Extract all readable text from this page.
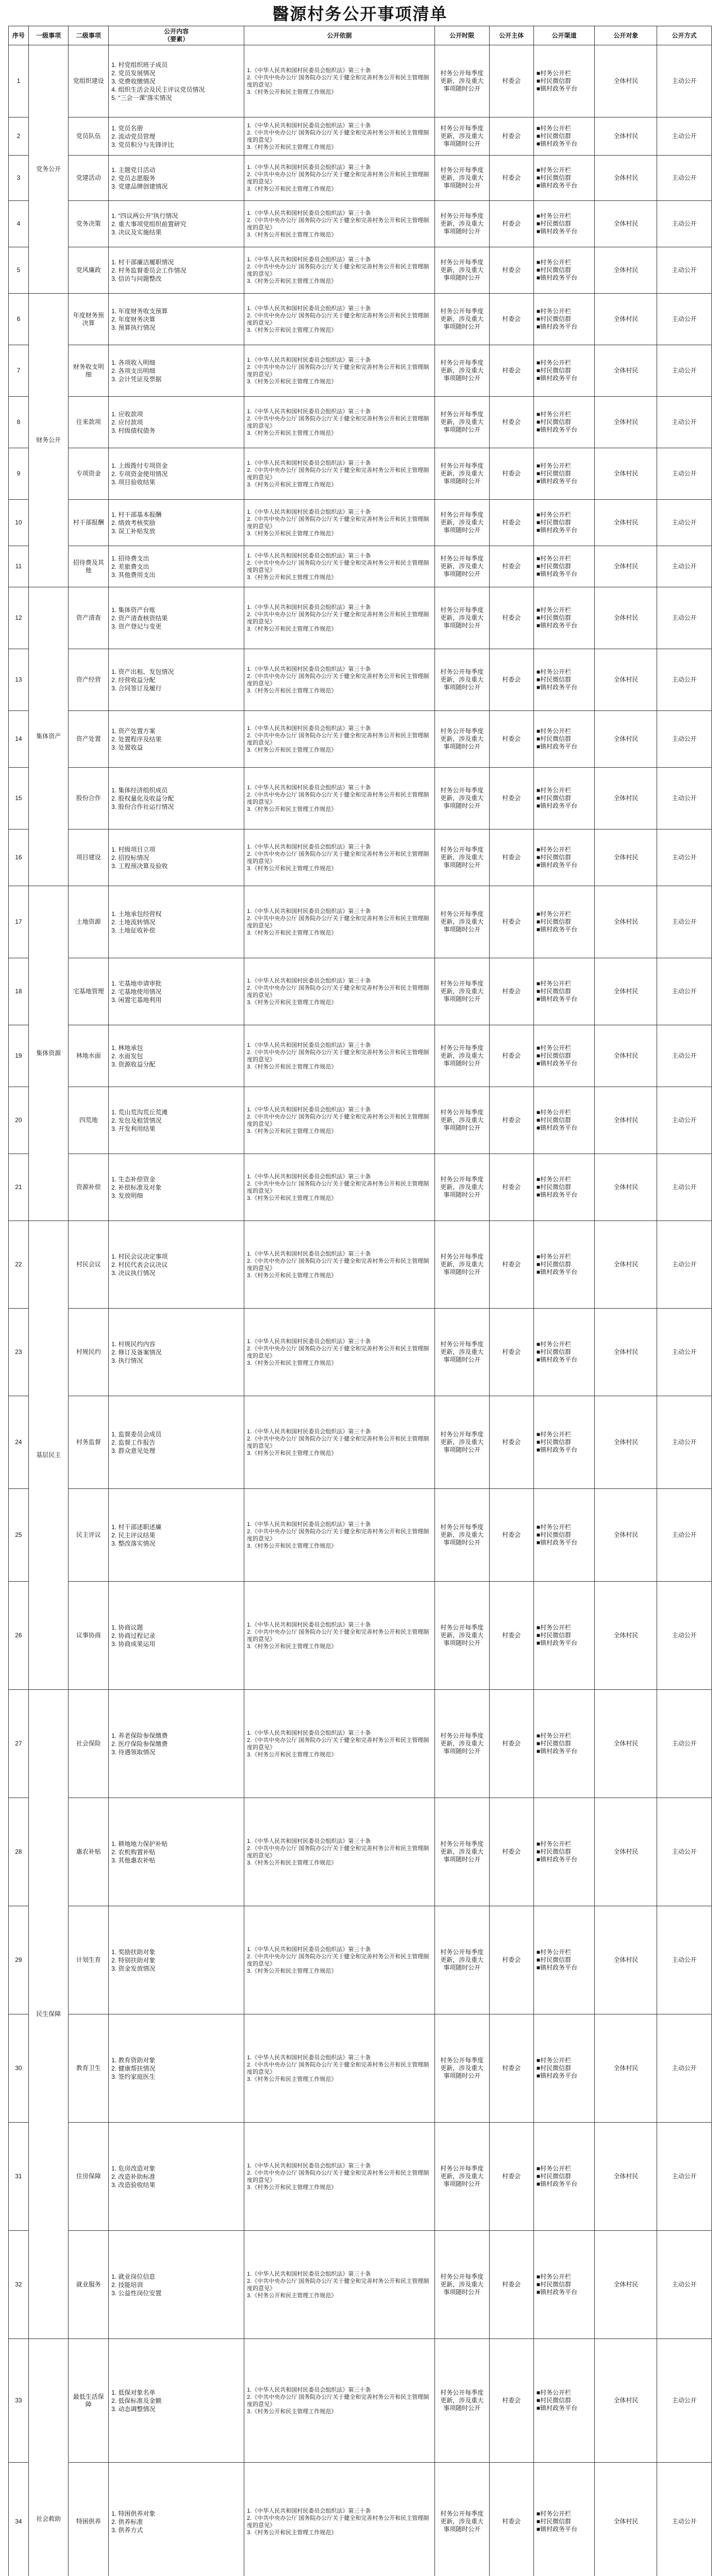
醫源村务公开事项清单
序号	一级事项	二级事项	公开内容
（要素）	公开依据	公开时限	公开主体	公开渠道	公开对象	公开方式
1	党务公开	党组织建设	1. 村党组织班子成员
2. 党员发展情况
3. 党费收缴情况
4. 组织生活会及民主评议党员情况
5. “三会一课”落实情况	1.《中华人民共和国村民委员会组织法》第三十条
2.《中共中央办公厅 国务院办公厅关于健全和完善村务公开和民主管理制度的意见》
3.《村务公开和民主管理工作规范》	村务公开每季度更新，涉及重大事项随时公开	村委会	■村务公开栏
■村民微信群
■镇村政务平台	全体村民	主动公开
2		党员队伍	1. 党员名册
2. 流动党员管理
3. 党员积分与先锋评比	1.《中华人民共和国村民委员会组织法》第三十条
2.《中共中央办公厅 国务院办公厅关于健全和完善村务公开和民主管理制度的意见》
3.《村务公开和民主管理工作规范》	村务公开每季度更新，涉及重大事项随时公开	村委会	■村务公开栏
■村民微信群
■镇村政务平台	全体村民	主动公开
3		党建活动	1. 主题党日活动
2. 党员志愿服务
3. 党建品牌创建情况	1.《中华人民共和国村民委员会组织法》第三十条
2.《中共中央办公厅 国务院办公厅关于健全和完善村务公开和民主管理制度的意见》
3.《村务公开和民主管理工作规范》	村务公开每季度更新，涉及重大事项随时公开	村委会	■村务公开栏
■村民微信群
■镇村政务平台	全体村民	主动公开
4		党务决策	1. “四议两公开”执行情况
2. 重大事项党组织前置研究
3. 决议及实施结果	1.《中华人民共和国村民委员会组织法》第三十条
2.《中共中央办公厅 国务院办公厅关于健全和完善村务公开和民主管理制度的意见》
3.《村务公开和民主管理工作规范》	村务公开每季度更新，涉及重大事项随时公开	村委会	■村务公开栏
■村民微信群
■镇村政务平台	全体村民	主动公开
5		党风廉政	1. 村干部廉洁履职情况
2. 村务监督委员会工作情况
3. 信访与问题整改	1.《中华人民共和国村民委员会组织法》第三十条
2.《中共中央办公厅 国务院办公厅关于健全和完善村务公开和民主管理制度的意见》
3.《村务公开和民主管理工作规范》	村务公开每季度更新，涉及重大事项随时公开	村委会	■村务公开栏
■村民微信群
■镇村政务平台	全体村民	主动公开
6	财务公开	年度财务预决算	1. 年度财务收支预算
2. 年度财务决算
3. 预算执行情况	1.《中华人民共和国村民委员会组织法》第三十条
2.《中共中央办公厅 国务院办公厅关于健全和完善村务公开和民主管理制度的意见》
3.《村务公开和民主管理工作规范》	村务公开每季度更新，涉及重大事项随时公开	村委会	■村务公开栏
■村民微信群
■镇村政务平台	全体村民	主动公开
7		财务收支明细	1. 各项收入明细
2. 各项支出明细
3. 会计凭证及票据	1.《中华人民共和国村民委员会组织法》第三十条
2.《中共中央办公厅 国务院办公厅关于健全和完善村务公开和民主管理制度的意见》
3.《村务公开和民主管理工作规范》	村务公开每季度更新，涉及重大事项随时公开	村委会	■村务公开栏
■村民微信群
■镇村政务平台	全体村民	主动公开
8		往来款项	1. 应收款项
2. 应付款项
3. 村级债权债务	1.《中华人民共和国村民委员会组织法》第三十条
2.《中共中央办公厅 国务院办公厅关于健全和完善村务公开和民主管理制度的意见》
3.《村务公开和民主管理工作规范》	村务公开每季度更新，涉及重大事项随时公开	村委会	■村务公开栏
■村民微信群
■镇村政务平台	全体村民	主动公开
9		专项资金	1. 上级拨付专项资金
2. 专项资金使用情况
3. 项目验收结果	1.《中华人民共和国村民委员会组织法》第三十条
2.《中共中央办公厅 国务院办公厅关于健全和完善村务公开和民主管理制度的意见》
3.《村务公开和民主管理工作规范》	村务公开每季度更新，涉及重大事项随时公开	村委会	■村务公开栏
■村民微信群
■镇村政务平台	全体村民	主动公开
10		村干部报酬	1. 村干部基本报酬
2. 绩效考核奖励
3. 误工补贴发放	1.《中华人民共和国村民委员会组织法》第三十条
2.《中共中央办公厅 国务院办公厅关于健全和完善村务公开和民主管理制度的意见》
3.《村务公开和民主管理工作规范》	村务公开每季度更新，涉及重大事项随时公开	村委会	■村务公开栏
■村民微信群
■镇村政务平台	全体村民	主动公开
11		招待费及其他	1. 招待费支出
2. 差旅费支出
3. 其他费用支出	1.《中华人民共和国村民委员会组织法》第三十条
2.《中共中央办公厅 国务院办公厅关于健全和完善村务公开和民主管理制度的意见》
3.《村务公开和民主管理工作规范》	村务公开每季度更新，涉及重大事项随时公开	村委会	■村务公开栏
■村民微信群
■镇村政务平台	全体村民	主动公开
12	集体资产	资产清查	1. 集体资产台账
2. 资产清查核资结果
3. 资产登记与变更	1.《中华人民共和国村民委员会组织法》第三十条
2.《中共中央办公厅 国务院办公厅关于健全和完善村务公开和民主管理制度的意见》
3.《村务公开和民主管理工作规范》	村务公开每季度更新，涉及重大事项随时公开	村委会	■村务公开栏
■村民微信群
■镇村政务平台	全体村民	主动公开
13		资产经营	1. 资产出租、发包情况
2. 经营收益分配
3. 合同签订及履行	1.《中华人民共和国村民委员会组织法》第三十条
2.《中共中央办公厅 国务院办公厅关于健全和完善村务公开和民主管理制度的意见》
3.《村务公开和民主管理工作规范》	村务公开每季度更新，涉及重大事项随时公开	村委会	■村务公开栏
■村民微信群
■镇村政务平台	全体村民	主动公开
14		资产处置	1. 资产处置方案
2. 处置程序及结果
3. 处置收益	1.《中华人民共和国村民委员会组织法》第三十条
2.《中共中央办公厅 国务院办公厅关于健全和完善村务公开和民主管理制度的意见》
3.《村务公开和民主管理工作规范》	村务公开每季度更新，涉及重大事项随时公开	村委会	■村务公开栏
■村民微信群
■镇村政务平台	全体村民	主动公开
15		股份合作	1. 集体经济组织成员
2. 股权量化及收益分配
3. 股份合作社运行情况	1.《中华人民共和国村民委员会组织法》第三十条
2.《中共中央办公厅 国务院办公厅关于健全和完善村务公开和民主管理制度的意见》
3.《村务公开和民主管理工作规范》	村务公开每季度更新，涉及重大事项随时公开	村委会	■村务公开栏
■村民微信群
■镇村政务平台	全体村民	主动公开
16		项目建设	1. 村级项目立项
2. 招投标情况
3. 工程预决算及验收	1.《中华人民共和国村民委员会组织法》第三十条
2.《中共中央办公厅 国务院办公厅关于健全和完善村务公开和民主管理制度的意见》
3.《村务公开和民主管理工作规范》	村务公开每季度更新，涉及重大事项随时公开	村委会	■村务公开栏
■村民微信群
■镇村政务平台	全体村民	主动公开
17	集体资源	土地资源	1. 土地承包经营权
2. 土地流转情况
3. 土地征收补偿	1.《中华人民共和国村民委员会组织法》第三十条
2.《中共中央办公厅 国务院办公厅关于健全和完善村务公开和民主管理制度的意见》
3.《村务公开和民主管理工作规范》	村务公开每季度更新，涉及重大事项随时公开	村委会	■村务公开栏
■村民微信群
■镇村政务平台	全体村民	主动公开
18		宅基地管理	1. 宅基地申请审批
2. 宅基地使用情况
3. 闲置宅基地利用	1.《中华人民共和国村民委员会组织法》第三十条
2.《中共中央办公厅 国务院办公厅关于健全和完善村务公开和民主管理制度的意见》
3.《村务公开和民主管理工作规范》	村务公开每季度更新，涉及重大事项随时公开	村委会	■村务公开栏
■村民微信群
■镇村政务平台	全体村民	主动公开
19		林地水面	1. 林地承包
2. 水面发包
3. 资源收益分配	1.《中华人民共和国村民委员会组织法》第三十条
2.《中共中央办公厅 国务院办公厅关于健全和完善村务公开和民主管理制度的意见》
3.《村务公开和民主管理工作规范》	村务公开每季度更新，涉及重大事项随时公开	村委会	■村务公开栏
■村民微信群
■镇村政务平台	全体村民	主动公开
20		四荒地	1. 荒山荒沟荒丘荒滩
2. 发包及租赁情况
3. 开发利用结果	1.《中华人民共和国村民委员会组织法》第三十条
2.《中共中央办公厅 国务院办公厅关于健全和完善村务公开和民主管理制度的意见》
3.《村务公开和民主管理工作规范》	村务公开每季度更新，涉及重大事项随时公开	村委会	■村务公开栏
■村民微信群
■镇村政务平台	全体村民	主动公开
21		资源补偿	1. 生态补偿资金
2. 补偿标准及对象
3. 发放明细	1.《中华人民共和国村民委员会组织法》第三十条
2.《中共中央办公厅 国务院办公厅关于健全和完善村务公开和民主管理制度的意见》
3.《村务公开和民主管理工作规范》	村务公开每季度更新，涉及重大事项随时公开	村委会	■村务公开栏
■村民微信群
■镇村政务平台	全体村民	主动公开
22	基层民主	村民会议	1. 村民会议决定事项
2. 村民代表会议决议
3. 决议执行情况	1.《中华人民共和国村民委员会组织法》第三十条
2.《中共中央办公厅 国务院办公厅关于健全和完善村务公开和民主管理制度的意见》
3.《村务公开和民主管理工作规范》	村务公开每季度更新，涉及重大事项随时公开	村委会	■村务公开栏
■村民微信群
■镇村政务平台	全体村民	主动公开
23		村规民约	1. 村规民约内容
2. 修订及备案情况
3. 执行情况	1.《中华人民共和国村民委员会组织法》第三十条
2.《中共中央办公厅 国务院办公厅关于健全和完善村务公开和民主管理制度的意见》
3.《村务公开和民主管理工作规范》	村务公开每季度更新，涉及重大事项随时公开	村委会	■村务公开栏
■村民微信群
■镇村政务平台	全体村民	主动公开
24		村务监督	1. 监督委员会成员
2. 监督工作报告
3. 群众意见处理	1.《中华人民共和国村民委员会组织法》第三十条
2.《中共中央办公厅 国务院办公厅关于健全和完善村务公开和民主管理制度的意见》
3.《村务公开和民主管理工作规范》	村务公开每季度更新，涉及重大事项随时公开	村委会	■村务公开栏
■村民微信群
■镇村政务平台	全体村民	主动公开
25		民主评议	1. 村干部述职述廉
2. 民主评议结果
3. 整改落实情况	1.《中华人民共和国村民委员会组织法》第三十条
2.《中共中央办公厅 国务院办公厅关于健全和完善村务公开和民主管理制度的意见》
3.《村务公开和民主管理工作规范》	村务公开每季度更新，涉及重大事项随时公开	村委会	■村务公开栏
■村民微信群
■镇村政务平台	全体村民	主动公开
26		议事协商	1. 协商议题
2. 协商过程记录
3. 协商成果运用	1.《中华人民共和国村民委员会组织法》第三十条
2.《中共中央办公厅 国务院办公厅关于健全和完善村务公开和民主管理制度的意见》
3.《村务公开和民主管理工作规范》	村务公开每季度更新，涉及重大事项随时公开	村委会	■村务公开栏
■村民微信群
■镇村政务平台	全体村民	主动公开
27	民生保障	社会保险	1. 养老保险参保缴费
2. 医疗保险参保缴费
3. 待遇领取情况	1.《中华人民共和国村民委员会组织法》第三十条
2.《中共中央办公厅 国务院办公厅关于健全和完善村务公开和民主管理制度的意见》
3.《村务公开和民主管理工作规范》	村务公开每季度更新，涉及重大事项随时公开	村委会	■村务公开栏
■村民微信群
■镇村政务平台	全体村民	主动公开
28		惠农补贴	1. 耕地地力保护补贴
2. 农机购置补贴
3. 其他惠农补贴	1.《中华人民共和国村民委员会组织法》第三十条
2.《中共中央办公厅 国务院办公厅关于健全和完善村务公开和民主管理制度的意见》
3.《村务公开和民主管理工作规范》	村务公开每季度更新，涉及重大事项随时公开	村委会	■村务公开栏
■村民微信群
■镇村政务平台	全体村民	主动公开
29		计划生育	1. 奖励扶助对象
2. 特别扶助对象
3. 资金发放情况	1.《中华人民共和国村民委员会组织法》第三十条
2.《中共中央办公厅 国务院办公厅关于健全和完善村务公开和民主管理制度的意见》
3.《村务公开和民主管理工作规范》	村务公开每季度更新，涉及重大事项随时公开	村委会	■村务公开栏
■村民微信群
■镇村政务平台	全体村民	主动公开
30		教育卫生	1. 教育资助对象
2. 健康帮扶情况
3. 签约家庭医生	1.《中华人民共和国村民委员会组织法》第三十条
2.《中共中央办公厅 国务院办公厅关于健全和完善村务公开和民主管理制度的意见》
3.《村务公开和民主管理工作规范》	村务公开每季度更新，涉及重大事项随时公开	村委会	■村务公开栏
■村民微信群
■镇村政务平台	全体村民	主动公开
31		住房保障	1. 危房改造对象
2. 改造补助标准
3. 改造验收结果	1.《中华人民共和国村民委员会组织法》第三十条
2.《中共中央办公厅 国务院办公厅关于健全和完善村务公开和民主管理制度的意见》
3.《村务公开和民主管理工作规范》	村务公开每季度更新，涉及重大事项随时公开	村委会	■村务公开栏
■村民微信群
■镇村政务平台	全体村民	主动公开
32		就业服务	1. 就业岗位信息
2. 技能培训
3. 公益性岗位安置	1.《中华人民共和国村民委员会组织法》第三十条
2.《中共中央办公厅 国务院办公厅关于健全和完善村务公开和民主管理制度的意见》
3.《村务公开和民主管理工作规范》	村务公开每季度更新，涉及重大事项随时公开	村委会	■村务公开栏
■村民微信群
■镇村政务平台	全体村民	主动公开
33	社会救助	最低生活保障	1. 低保对象名单
2. 低保标准及金额
3. 动态调整情况	1.《中华人民共和国村民委员会组织法》第三十条
2.《中共中央办公厅 国务院办公厅关于健全和完善村务公开和民主管理制度的意见》
3.《村务公开和民主管理工作规范》	村务公开每季度更新，涉及重大事项随时公开	村委会	■村务公开栏
■村民微信群
■镇村政务平台	全体村民	主动公开
34		特困供养	1. 特困供养对象
2. 供养标准
3. 供养方式	1.《中华人民共和国村民委员会组织法》第三十条
2.《中共中央办公厅 国务院办公厅关于健全和完善村务公开和民主管理制度的意见》
3.《村务公开和民主管理工作规范》	村务公开每季度更新，涉及重大事项随时公开	村委会	■村务公开栏
■村民微信群
■镇村政务平台	全体村民	主动公开
